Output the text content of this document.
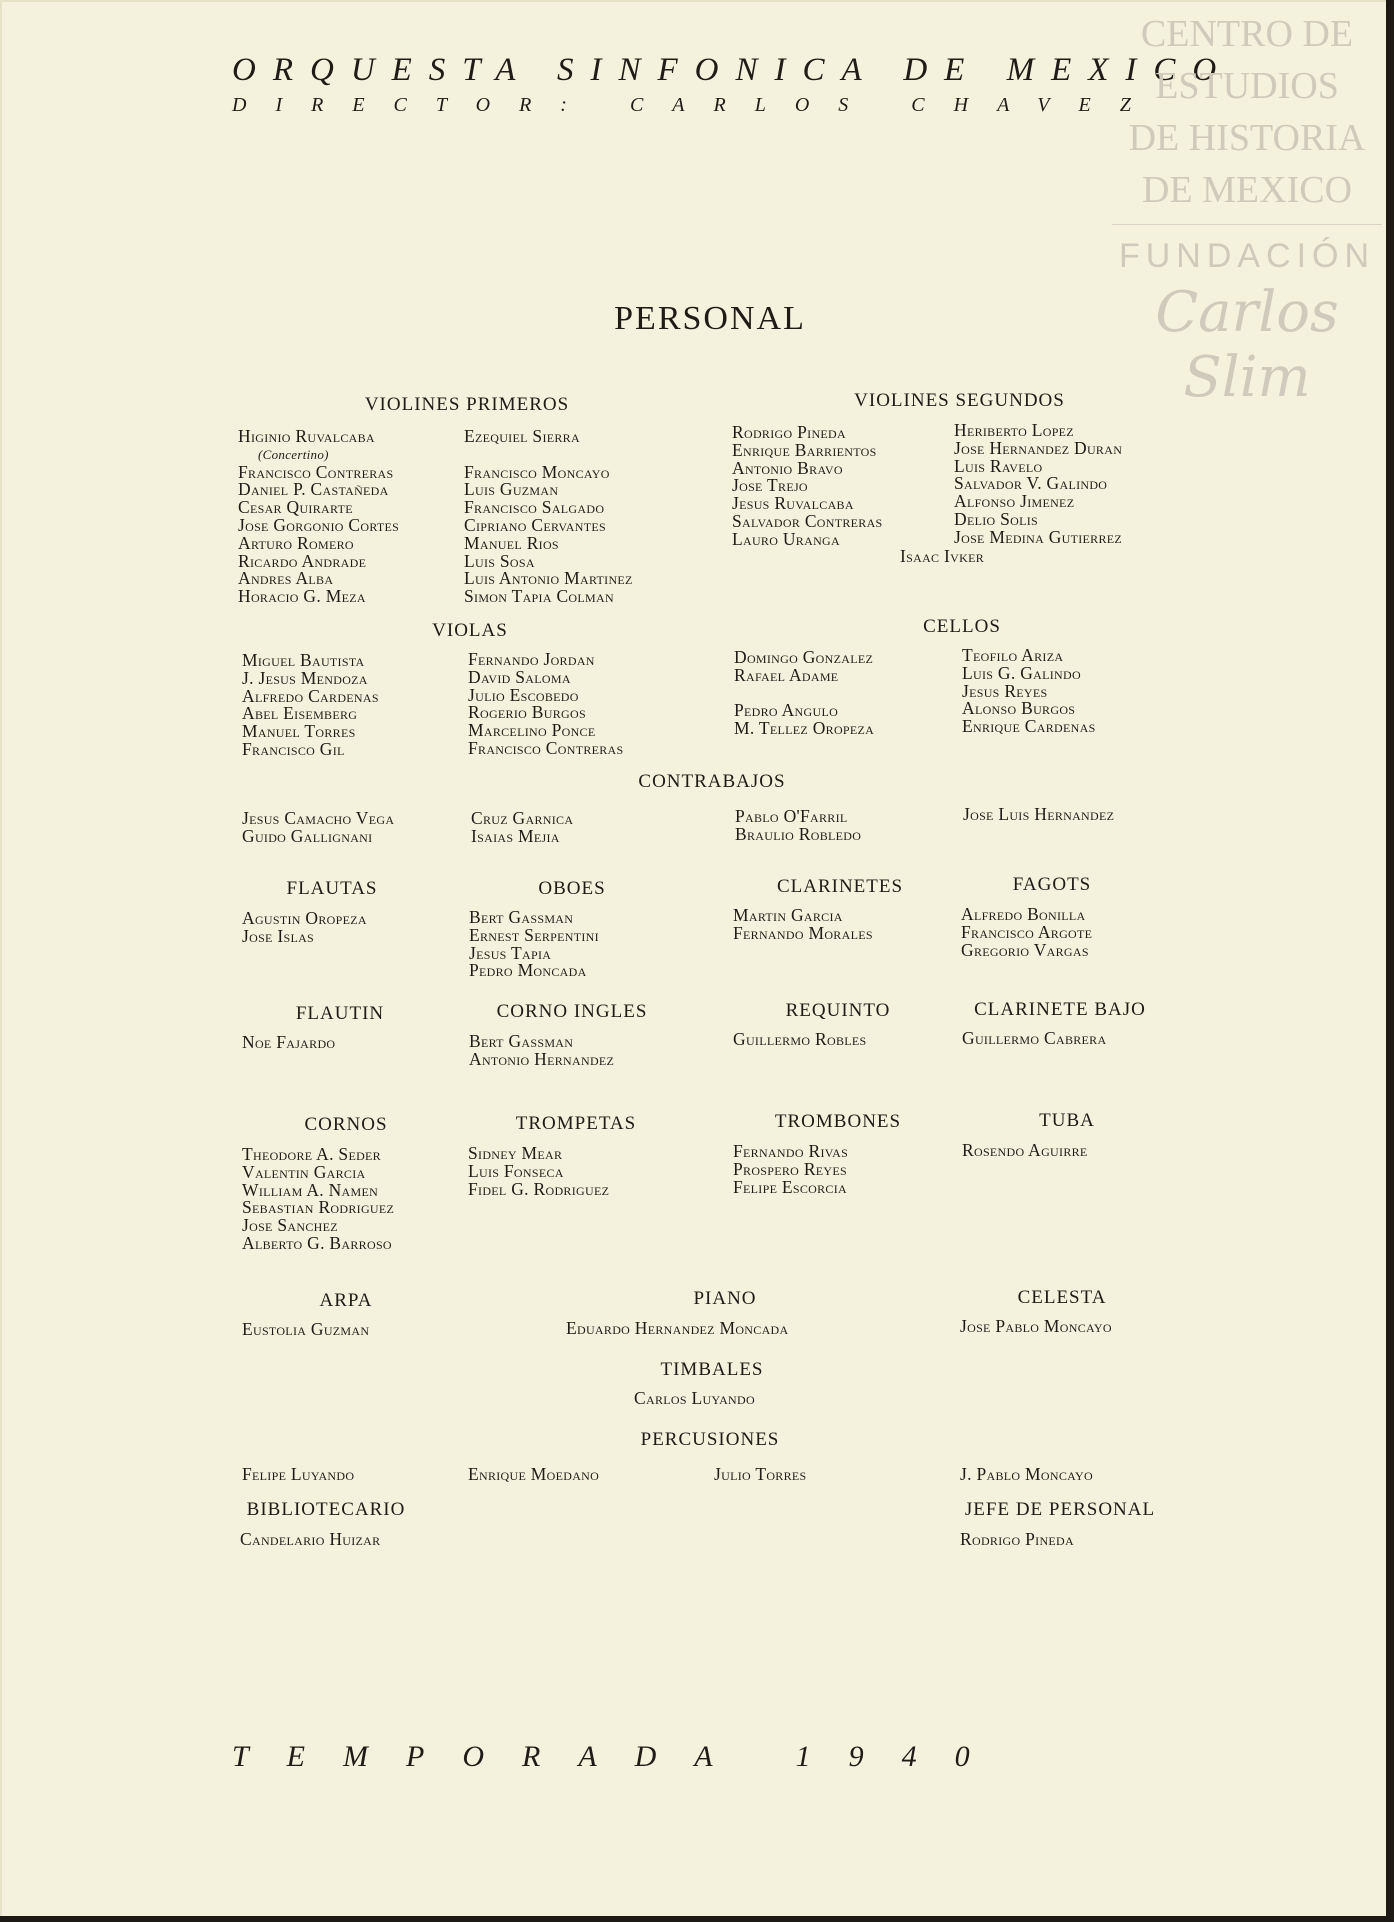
ORQUESTA SINFONICA DE MEXICO
DIRECTOR: CARLOS CHAVEZ
CENTRO DE
ESTUDIOS
DE HISTORIA
DE MEXICO
FUNDACIÓN
Carlos Slim
PERSONAL
VIOLINES PRIMEROS
Higinio Ruvalcaba
(Concertino)
Francisco Contreras
Daniel P. Castañeda
Cesar Quirarte
Jose Gorgonio Cortes
Arturo Romero
Ricardo Andrade
Andres Alba
Horacio G. Meza
Ezequiel Sierra
Francisco Moncayo
Luis Guzman
Francisco Salgado
Cipriano Cervantes
Manuel Rios
Luis Sosa
Luis Antonio Martinez
Simon Tapia Colman
VIOLINES SEGUNDOS
Rodrigo Pineda
Enrique Barrientos
Antonio Bravo
Jose Trejo
Jesus Ruvalcaba
Salvador Contreras
Lauro Uranga
Heriberto Lopez
Jose Hernandez Duran
Luis Ravelo
Salvador V. Galindo
Alfonso Jimenez
Delio Solis
Jose Medina Gutierrez
Isaac Ivker
VIOLAS
Miguel Bautista
J. Jesus Mendoza
Alfredo Cardenas
Abel Eisemberg
Manuel Torres
Francisco Gil
Fernando Jordan
David Saloma
Julio Escobedo
Rogerio Burgos
Marcelino Ponce
Francisco Contreras
CELLOS
Domingo Gonzalez
Rafael Adame
Pedro Angulo
M. Tellez Oropeza
Teofilo Ariza
Luis G. Galindo
Jesus Reyes
Alonso Burgos
Enrique Cardenas
CONTRABAJOS
Jesus Camacho Vega
Guido Gallignani
Cruz Garnica
Isaias Mejia
Pablo O'Farril
Braulio Robledo
Jose Luis Hernandez
FLAUTAS
Agustin Oropeza
Jose Islas
OBOES
Bert Gassman
Ernest Serpentini
Jesus Tapia
Pedro Moncada
CLARINETES
Martin Garcia
Fernando Morales
FAGOTS
Alfredo Bonilla
Francisco Argote
Gregorio Vargas
FLAUTIN
Noe Fajardo
CORNO INGLES
Bert Gassman
Antonio Hernandez
REQUINTO
Guillermo Robles
CLARINETE BAJO
Guillermo Cabrera
CORNOS
Theodore A. Seder
Valentin Garcia
William A. Namen
Sebastian Rodriguez
Jose Sanchez
Alberto G. Barroso
TROMPETAS
Sidney Mear
Luis Fonseca
Fidel G. Rodriguez
TROMBONES
Fernando Rivas
Prospero Reyes
Felipe Escorcia
TUBA
Rosendo Aguirre
ARPA
Eustolia Guzman
PIANO
Eduardo Hernandez Moncada
CELESTA
Jose Pablo Moncayo
TIMBALES
Carlos Luyando
PERCUSIONES
Felipe Luyando	Enrique Moedano	Julio Torres	J. Pablo Moncayo
BIBLIOTECARIO
Candelario Huizar
JEFE DE PERSONAL
Rodrigo Pineda
TEMPORADA 1940
